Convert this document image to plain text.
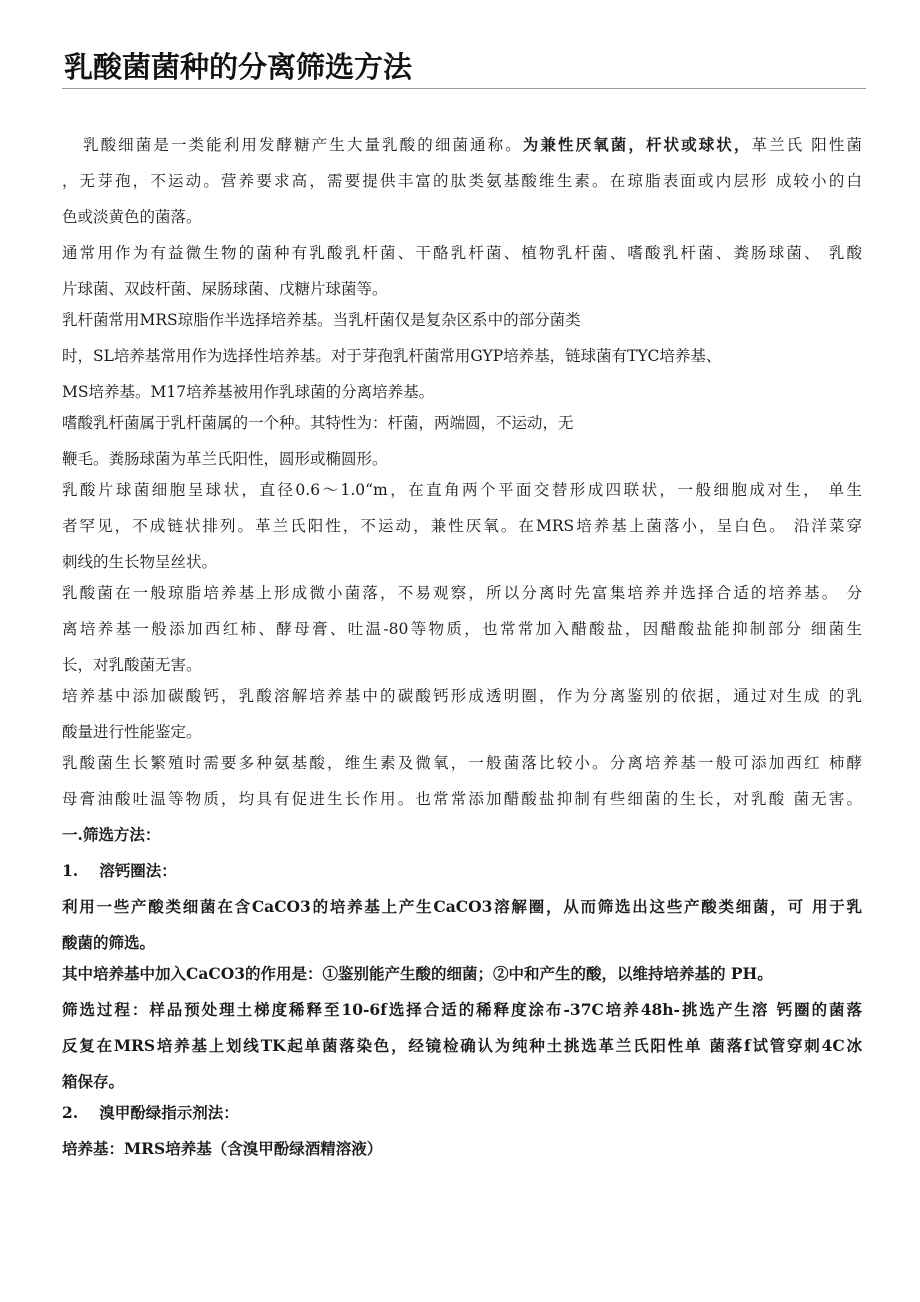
乳酸菌菌种的分离筛选方法
乳酸细菌是一类能利用发酵糖产生大量乳酸的细菌通称。为兼性厌氧菌，杆状或球状，革兰氏 阳性菌
，无芽孢，不运动。营养要求高，需要提供丰富的肽类氨基酸维生素。在琼脂表面或内层形 成较小的白
色或淡黄色的菌落。
通常用作为有益微生物的菌种有乳酸乳杆菌、干酪乳杆菌、植物乳杆菌、嗜酸乳杆菌、粪肠球菌、 乳酸
片球菌、双歧杆菌、屎肠球菌、戊糖片球菌等。
乳杆菌常用MRS琼脂作半选择培养基。当乳杆菌仅是复杂区系中的部分菌类
时，SL培养基常用作为选择性培养基。对于芽孢乳杆菌常用GYP培养基，链球菌有TYC培养基、
MS培养基。M17培养基被用作乳球菌的分离培养基。
嗜酸乳杆菌属于乳杆菌属的一个种。其特性为：杆菌，两端圆，不运动，无
鞭毛。粪肠球菌为革兰氏阳性，圆形或椭圆形。
乳酸片球菌细胞呈球状，直径0.6～1.0“m，在直角两个平面交替形成四联状，一般细胞成对生， 单生
者罕见，不成链状排列。革兰氏阳性，不运动，兼性厌氧。在MRS培养基上菌落小，呈白色。 沿洋菜穿
刺线的生长物呈丝状。
乳酸菌在一般琼脂培养基上形成微小菌落，不易观察，所以分离时先富集培养并选择合适的培养基。 分
离培养基一般添加西红柿、酵母膏、吐温-80等物质，也常常加入醋酸盐，因醋酸盐能抑制部分 细菌生
长，对乳酸菌无害。
培养基中添加碳酸钙，乳酸溶解培养基中的碳酸钙形成透明圈，作为分离鉴别的依据，通过对生成 的乳
酸量进行性能鉴定。
乳酸菌生长繁殖时需要多种氨基酸，维生素及微氧，一般菌落比较小。分离培养基一般可添加西红 柿酵
母膏油酸吐温等物质，均具有促进生长作用。也常常添加醋酸盐抑制有些细菌的生长，对乳酸 菌无害。
一.筛选方法：
1. 溶钙圈法：
利用一些产酸类细菌在含CaCO3的培养基上产生CaCO3溶解圈，从而筛选出这些产酸类细菌，可 用于乳
酸菌的筛选。
其中培养基中加入CaCO3的作用是：①鉴别能产生酸的细菌；②中和产生的酸，以维持培养基的 PH。
筛选过程：样品预处理土梯度稀释至10-6f选择合适的稀释度涂布-37C培养48h-挑选产生溶 钙圈的菌落
反复在MRS培养基上划线TK起单菌落染色，经镜检确认为纯种土挑选革兰氏阳性单 菌落f试管穿刺4C冰
箱保存。
2. 溴甲酚绿指示剂法：
培养基：MRS培养基（含溴甲酚绿酒精溶液）
